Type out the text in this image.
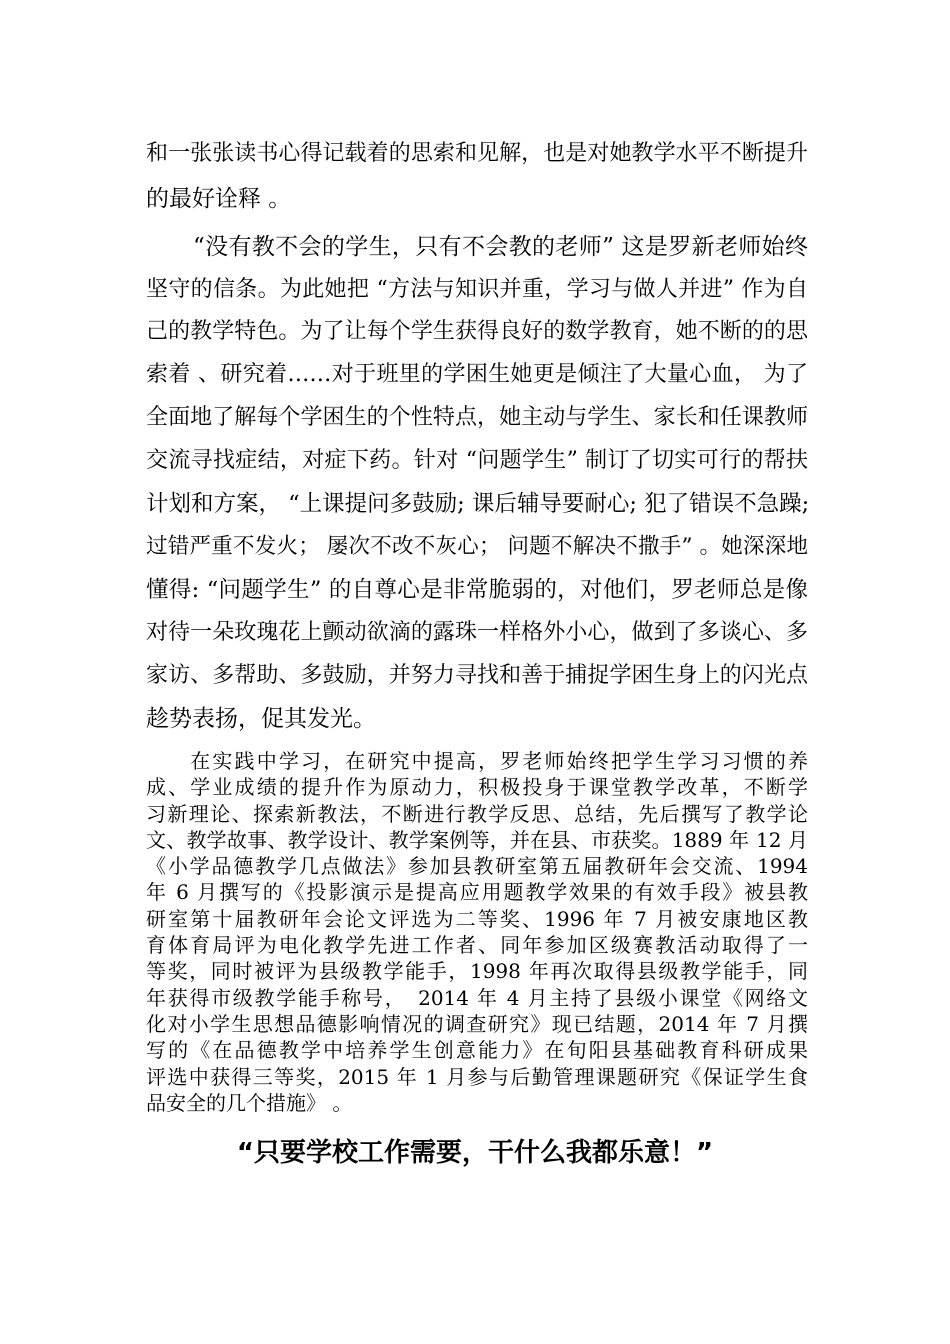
和一张张读书心得记载着的思索和见解，也是对她教学水平不断提升
的最好诠释 。
“没有教不会的学生，只有不会教的老师” 这是罗新老师始终
坚守的信条。为此她把 “方法与知识并重，学习与做人并进” 作为自
己的教学特色。为了让每个学生获得良好的数学教育，她不断的的思
索着 、研究着……对于班里的学困生她更是倾注了大量心血， 为了
全面地了解每个学困生的个性特点，她主动与学生、家长和任课教师
交流寻找症结，对症下药。针对 “问题学生” 制订了切实可行的帮扶
计划和方案， “上课提问多鼓励; 课后辅导要耐心; 犯了错误不急躁;
过错严重不发火； 屡次不改不灰心； 问题不解决不撒手” 。她深深地
懂得: “问题学生” 的自尊心是非常脆弱的，对他们，罗老师总是像
对待一朵玫瑰花上颤动欲滴的露珠一样格外小心，做到了多谈心、多
家访、多帮助、多鼓励，并努力寻找和善于捕捉学困生身上的闪光点
趁势表扬，促其发光。
　　在实践中学习，在研究中提高，罗老师始终把学生学习习惯的养
成、学业成绩的提升作为原动力，积极投身于课堂教学改革，不断学
习新理论、探索新教法，不断进行教学反思、总结，先后撰写了教学论
文、教学故事、教学设计、教学案例等，并在县、市获奖。1889 年 12 月
《小学品德教学几点做法》参加县教研室第五届教研年会交流、1994
年 6 月撰写的《投影演示是提高应用题教学效果的有效手段》被县教
研室第十届教研年会论文评选为二等奖、1996 年 7 月被安康地区教
育体育局评为电化教学先进工作者、同年参加区级赛教活动取得了一
等奖，同时被评为县级教学能手，1998 年再次取得县级教学能手，同
年获得市级教学能手称号，　2014 年 4 月主持了县级小课堂《网络文
化对小学生思想品德影响情况的调查研究》现已结题，2014 年 7 月撰
写的《在品德教学中培养学生创意能力》在旬阳县基础教育科研成果
评选中获得三等奖，2015 年 1 月参与后勤管理课题研究《保证学生食
品安全的几个措施》 。
“只要学校工作需要，干什么我都乐意！”
